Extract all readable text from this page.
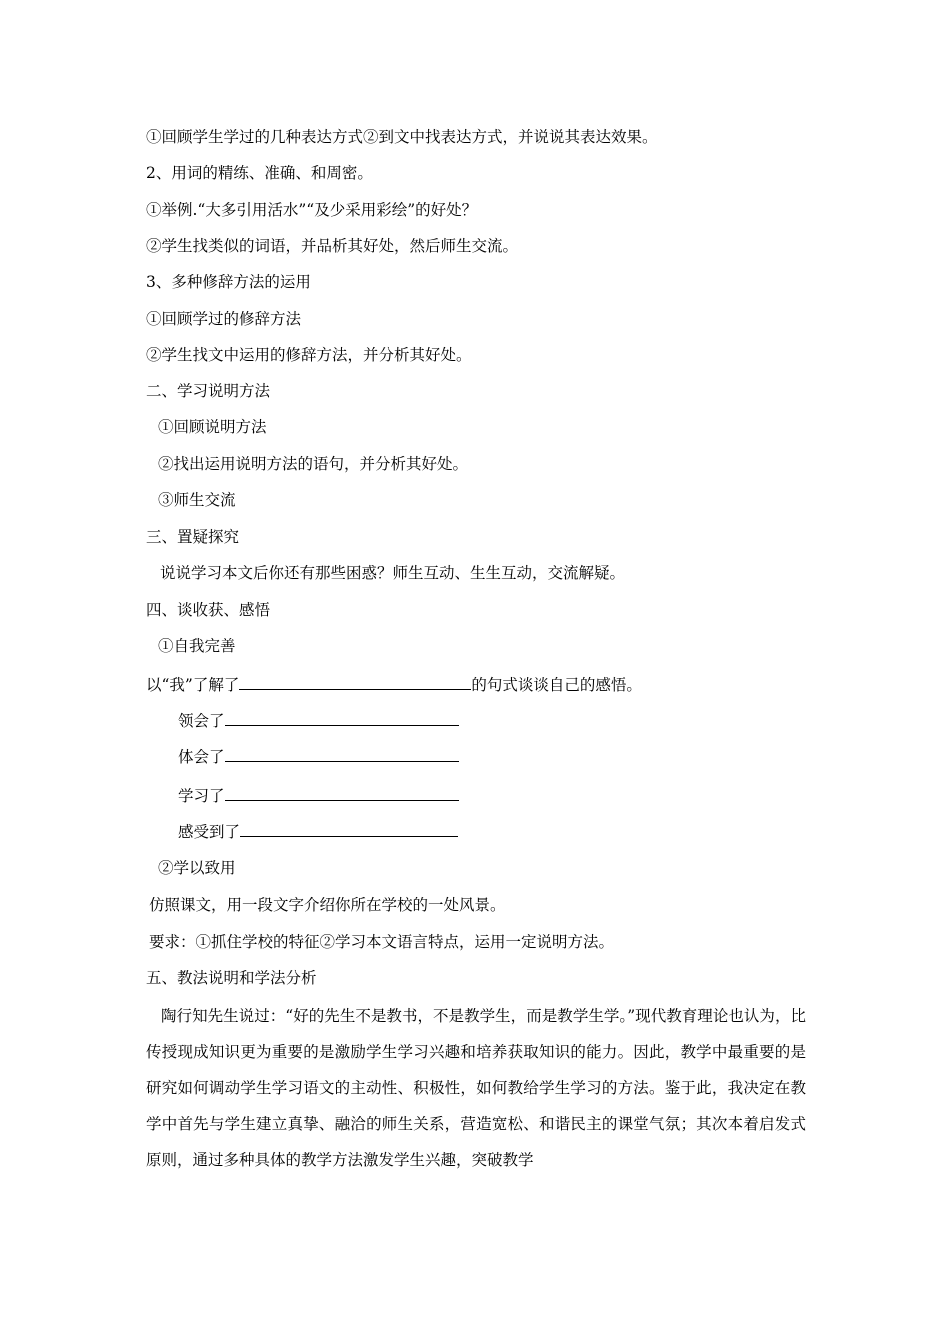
①回顾学生学过的几种表达方式②到文中找表达方式，并说说其表达效果。
2、用词的精练、准确、和周密。
①举例.“大多引用活水”“及少采用彩绘”的好处？
②学生找类似的词语，并品析其好处，然后师生交流。
3、多种修辞方法的运用
①回顾学过的修辞方法
②学生找文中运用的修辞方法，并分析其好处。
二、学习说明方法
①回顾说明方法
②找出运用说明方法的语句，并分析其好处。
③师生交流
三、置疑探究
说说学习本文后你还有那些困惑？师生互动、生生互动，交流解疑。
四、谈收获、感悟
①自我完善
以“我”了解了	的句式谈谈自己的感悟。
领会了
体会了
学习了
感受到了
②学以致用
仿照课文，用一段文字介绍你所在学校的一处风景。
要求：①抓住学校的特征②学习本文语言特点，运用一定说明方法。
五、教法说明和学法分析
陶行知先生说过：“好的先生不是教书，不是教学生，而是教学生学。”现代教育理论也认为，比传授现成知识更为重要的是激励学生学习兴趣和培养获取知识的能力。因此，教学中最重要的是研究如何调动学生学习语文的主动性、积极性，如何教给学生学习的方法。鉴于此，我决定在教学中首先与学生建立真挚、融洽的师生关系，营造宽松、和谐民主的课堂气氛；其次本着启发式原则，通过多种具体的教学方法激发学生兴趣，突破教学
